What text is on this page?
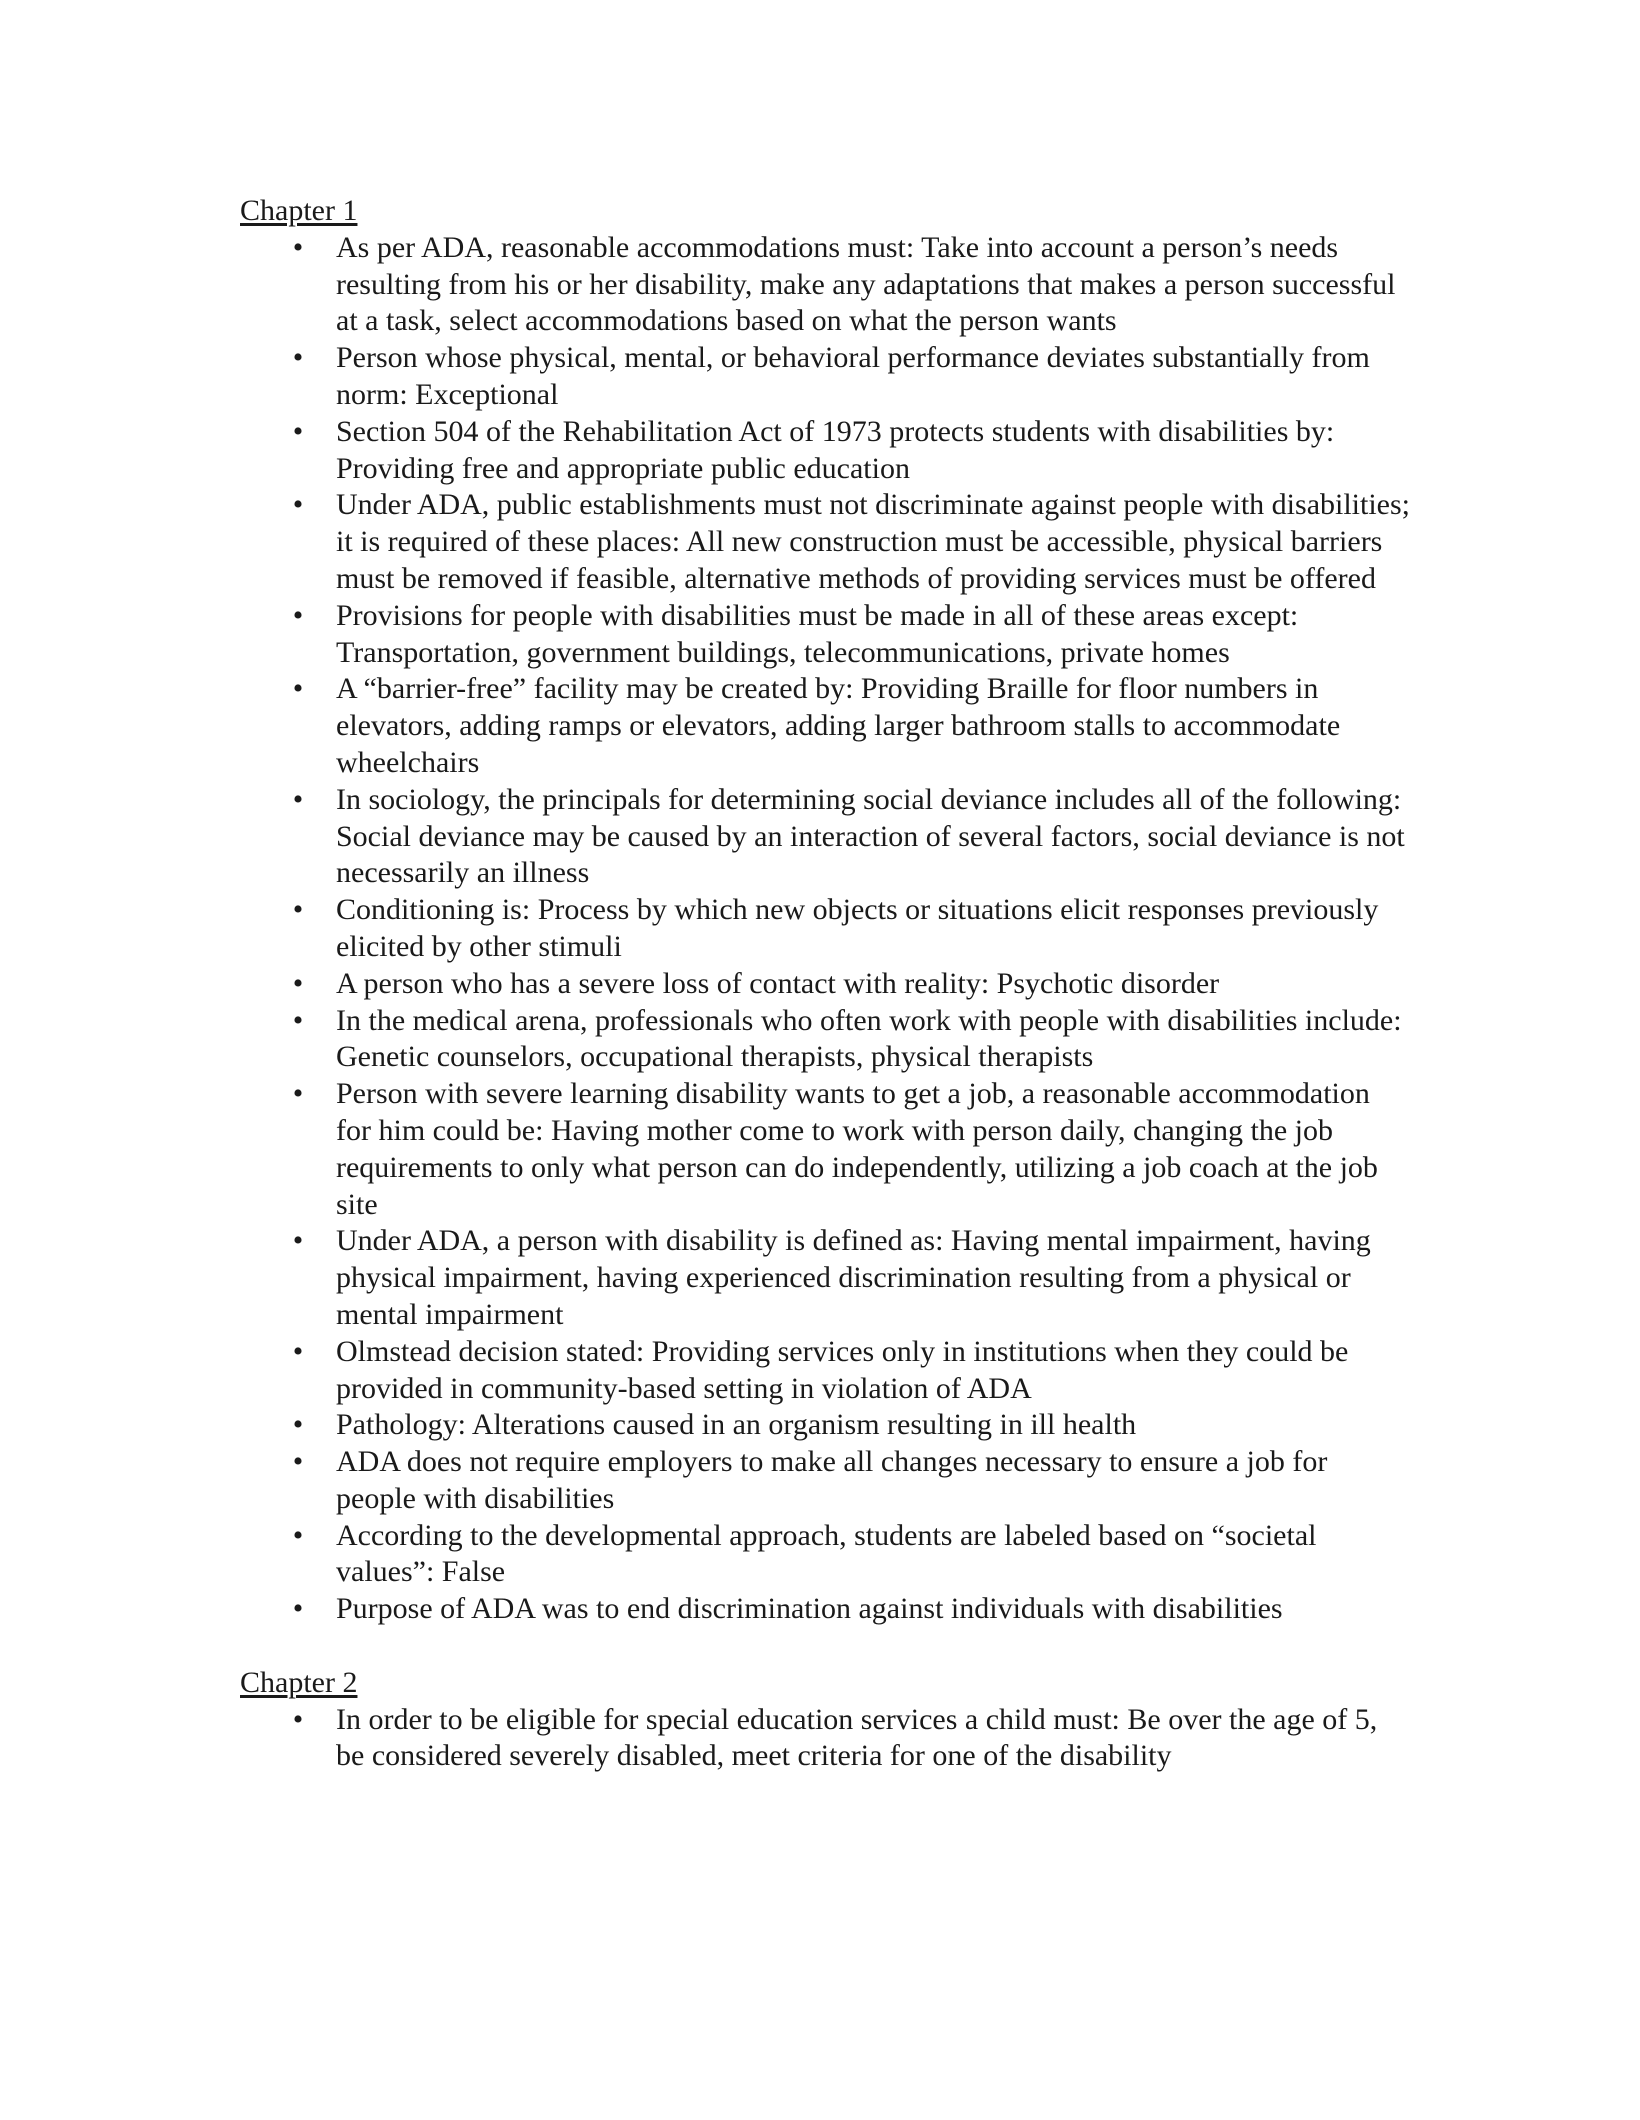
Chapter 1

• As per ADA, reasonable accommodations must: Take into account a person’s needs resulting from his or her disability, make any adaptations that makes a person successful at a task, select accommodations based on what the person wants
• Person whose physical, mental, or behavioral performance deviates substantially from norm: Exceptional
• Section 504 of the Rehabilitation Act of 1973 protects students with disabilities by: Providing free and appropriate public education
• Under ADA, public establishments must not discriminate against people with disabilities; it is required of these places: All new construction must be accessible, physical barriers must be removed if feasible, alternative methods of providing services must be offered
• Provisions for people with disabilities must be made in all of these areas except: Transportation, government buildings, telecommunications, private homes
• A “barrier-free” facility may be created by: Providing Braille for floor numbers in elevators, adding ramps or elevators, adding larger bathroom stalls to accommodate wheelchairs
• In sociology, the principals for determining social deviance includes all of the following: Social deviance may be caused by an interaction of several factors, social deviance is not necessarily an illness
• Conditioning is: Process by which new objects or situations elicit responses previously elicited by other stimuli
• A person who has a severe loss of contact with reality: Psychotic disorder
• In the medical arena, professionals who often work with people with disabilities include: Genetic counselors, occupational therapists, physical therapists
• Person with severe learning disability wants to get a job, a reasonable accommodation for him could be: Having mother come to work with person daily, changing the job requirements to only what person can do independently, utilizing a job coach at the job site
• Under ADA, a person with disability is defined as: Having mental impairment, having physical impairment, having experienced discrimination resulting from a physical or mental impairment
• Olmstead decision stated: Providing services only in institutions when they could be provided in community-based setting in violation of ADA
• Pathology: Alterations caused in an organism resulting in ill health
• ADA does not require employers to make all changes necessary to ensure a job for people with disabilities
• According to the developmental approach, students are labeled based on “societal values”: False
• Purpose of ADA was to end discrimination against individuals with disabilities

Chapter 2

• In order to be eligible for special education services a child must: Be over the age of 5, be considered severely disabled, meet criteria for one of the disability
